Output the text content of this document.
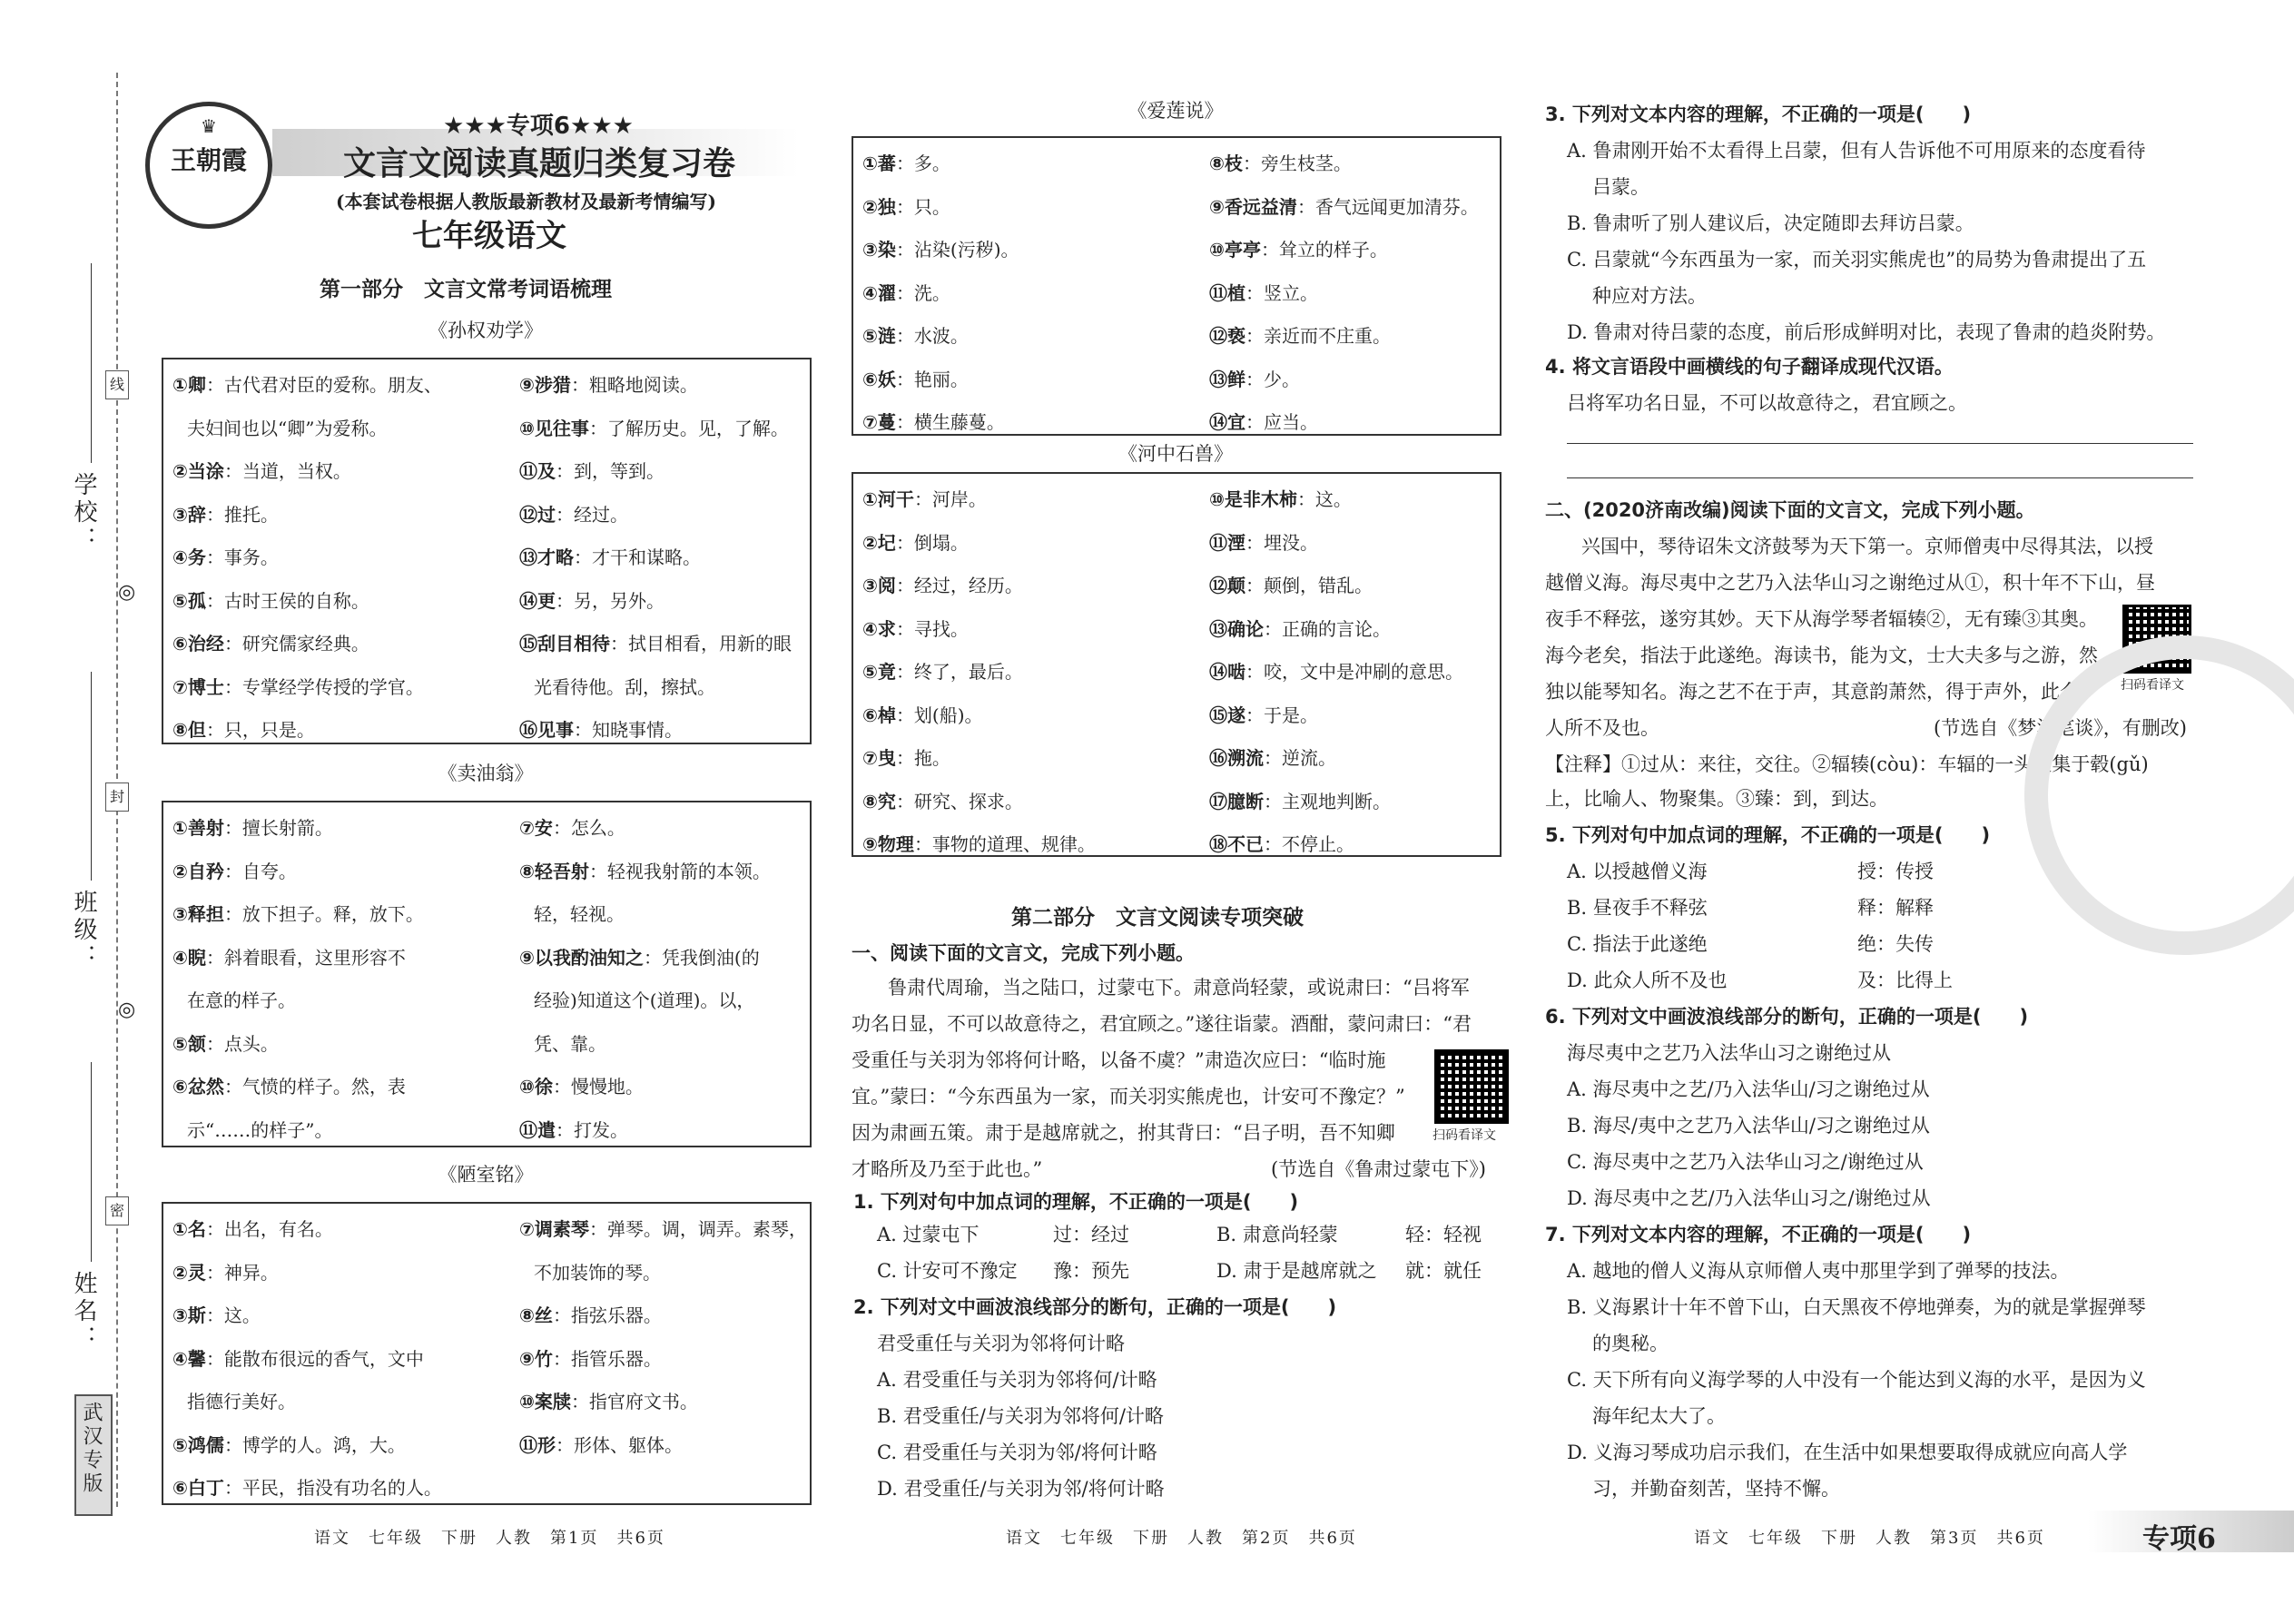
线
封
密
◎
◎
学校：
班级：
姓名：
武汉专版
♛
王朝霞
★★★专项6★★★
文言文阅读真题归类复习卷
(本套试卷根据人教版最新教材及最新考情编写)
七年级语文
第一部分　文言文常考词语梳理
《孙权劝学》
①卿：古代君对臣的爱称。朋友、
夫妇间也以“卿”为爱称。
②当涂：当道，当权。
③辞：推托。
④务：事务。
⑤孤：古时王侯的自称。
⑥治经：研究儒家经典。
⑦博士：专掌经学传授的学官。
⑧但：只，只是。
⑨涉猎：粗略地阅读。
⑩见往事：了解历史。见，了解。
⑪及：到，等到。
⑫过：经过。
⑬才略：才干和谋略。
⑭更：另，另外。
⑮刮目相待：拭目相看，用新的眼
光看待他。刮，擦拭。
⑯见事：知晓事情。
《卖油翁》
①善射：擅长射箭。
②自矜：自夸。
③释担：放下担子。释，放下。
④睨：斜着眼看，这里形容不
在意的样子。
⑤颔：点头。
⑥忿然：气愤的样子。然，表
示“……的样子”。
⑦安：怎么。
⑧轻吾射：轻视我射箭的本领。
轻，轻视。
⑨以我酌油知之：凭我倒油(的
经验)知道这个(道理)。以，
凭、靠。
⑩徐：慢慢地。
⑪遣：打发。
《陋室铭》
①名：出名，有名。
②灵：神异。
③斯：这。
④馨：能散布很远的香气，文中
指德行美好。
⑤鸿儒：博学的人。鸿，大。
⑥白丁：平民，指没有功名的人。
⑦调素琴：弹琴。调，调弄。素琴，
不加装饰的琴。
⑧丝：指弦乐器。
⑨竹：指管乐器。
⑩案牍：指官府文书。
⑪形：形体、躯体。
语文　七年级　下册　人教　第1页　共6页
《爱莲说》
①蕃：多。
②独：只。
③染：沾染(污秽)。
④濯：洗。
⑤涟：水波。
⑥妖：艳丽。
⑦蔓：横生藤蔓。
⑧枝：旁生枝茎。
⑨香远益清：香气远闻更加清芬。
⑩亭亭：耸立的样子。
⑪植：竖立。
⑫亵：亲近而不庄重。
⑬鲜：少。
⑭宜：应当。
《河中石兽》
①河干：河岸。
②圮：倒塌。
③阅：经过，经历。
④求：寻找。
⑤竟：终了，最后。
⑥棹：划(船)。
⑦曳：拖。
⑧究：研究、探求。
⑨物理：事物的道理、规律。
⑩是非木柿：这。
⑪湮：埋没。
⑫颠：颠倒，错乱。
⑬确论：正确的言论。
⑭啮：咬，文中是冲刷的意思。
⑮遂：于是。
⑯溯流：逆流。
⑰臆断：主观地判断。
⑱不已：不停止。
第二部分　文言文阅读专项突破
一、阅读下面的文言文，完成下列小题。
鲁肃代周瑜，当之陆口，过蒙屯下。肃意尚轻蒙，或说肃曰：“吕将军
功名日显，不可以故意待之，君宜顾之。”遂往诣蒙。酒酣，蒙问肃曰：“君
受重任与关羽为邻将何计略，以备不虞？”肃造次应曰：“临时施
宜。”蒙曰：“今东西虽为一家，而关羽实熊虎也，计安可不豫定？”
因为肃画五策。肃于是越席就之，拊其背曰：“吕子明，吾不知卿
才略所及乃至于此也。”	(节选自《鲁肃过蒙屯下》)
扫码看译文
1. 下列对句中加点词的理解，不正确的一项是(　　)
A. 过蒙屯下	过：经过	B. 肃意尚轻蒙	轻：轻视
C. 计安可不豫定 豫：预先	D. 肃于是越席就之 就：就任
2. 下列对文中画波浪线部分的断句，正确的一项是(　　)
君受重任与关羽为邻将何计略
A. 君受重任与关羽为邻将何/计略
B. 君受重任/与关羽为邻将何/计略
C. 君受重任与关羽为邻/将何计略
D. 君受重任/与关羽为邻/将何计略
语文　七年级　下册　人教　第2页　共6页
3. 下列对文本内容的理解，不正确的一项是(　　)
A. 鲁肃刚开始不太看得上吕蒙，但有人告诉他不可用原来的态度看待
吕蒙。
B. 鲁肃听了别人建议后，决定随即去拜访吕蒙。
C. 吕蒙就“今东西虽为一家，而关羽实熊虎也”的局势为鲁肃提出了五
种应对方法。
D. 鲁肃对待吕蒙的态度，前后形成鲜明对比，表现了鲁肃的趋炎附势。
4. 将文言语段中画横线的句子翻译成现代汉语。
吕将军功名日显，不可以故意待之，君宜顾之。
二、(2020济南改编)阅读下面的文言文，完成下列小题。
兴国中，琴待诏朱文济鼓琴为天下第一。京师僧夷中尽得其法，以授
越僧义海。海尽夷中之艺乃入法华山习之谢绝过从①，积十年不下山，昼
夜手不释弦，遂穷其妙。天下从海学琴者辐辏②，无有臻③其奥。
海今老矣，指法于此遂绝。海读书，能为文，士大夫多与之游，然
独以能琴知名。海之艺不在于声，其意韵萧然，得于声外，此众
人所不及也。	(节选自《梦溪笔谈》，有删改)
扫码看译文
【注释】①过从：来往，交往。②辐辏(còu)：车辐的一头聚集于毂(gǔ)
上，比喻人、物聚集。③臻：到，到达。
5. 下列对句中加点词的理解，不正确的一项是(　　)
A. 以授越僧义海	授：传授
B. 昼夜手不释弦	释：解释
C. 指法于此遂绝	绝：失传
D. 此众人所不及也	及：比得上
6. 下列对文中画波浪线部分的断句，正确的一项是(　　)
海尽夷中之艺乃入法华山习之谢绝过从
A. 海尽夷中之艺/乃入法华山/习之谢绝过从
B. 海尽/夷中之艺乃入法华山/习之谢绝过从
C. 海尽夷中之艺乃入法华山习之/谢绝过从
D. 海尽夷中之艺/乃入法华山习之/谢绝过从
7. 下列对文本内容的理解，不正确的一项是(　　)
A. 越地的僧人义海从京师僧人夷中那里学到了弹琴的技法。
B. 义海累计十年不曾下山，白天黑夜不停地弹奏，为的就是掌握弹琴
的奥秘。
C. 天下所有向义海学琴的人中没有一个能达到义海的水平，是因为义
海年纪太大了。
D. 义海习琴成功启示我们，在生活中如果想要取得成就应向高人学
习，并勤奋刻苦，坚持不懈。
语文　七年级　下册　人教　第3页　共6页	专项6
